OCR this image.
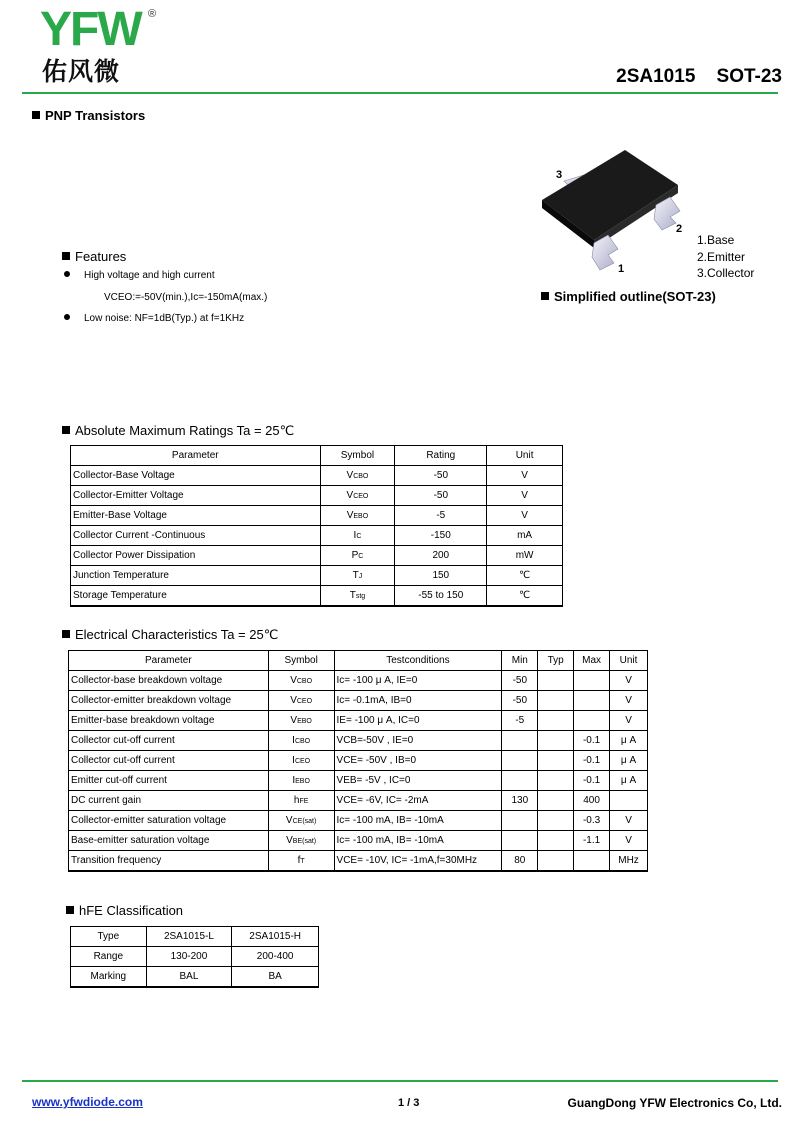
YFW ®
佑风微	2SA1015 SOT-23
PNP Transistors
3
2
1
1.Base
2.Emitter
3.Collector
Simplified outline(SOT-23)
Features
High voltage and high current
VCEO:=-50V(min.),Ic=-150mA(max.)
Low noise: NF=1dB(Typ.) at f=1KHz
Absolute Maximum Ratings Ta = 25℃
Parameter	Symbol	Rating	Unit
Collector-Base Voltage	VCBO	-50	V
Collector-Emitter Voltage	VCEO	-50	V
Emitter-Base Voltage	VEBO	-5	V
Collector Current -Continuous	IC	-150	mA
Collector Power Dissipation	PC	200	mW
Junction Temperature	TJ	150	℃
Storage Temperature	Tstg	-55 to 150	℃
Electrical Characteristics Ta = 25℃
Parameter	Symbol	Testconditions	Min	Typ	Max	Unit
Collector-base breakdown voltage	VCBO	Ic= -100 μ A, IE=0	-50			V
Collector-emitter breakdown voltage	VCEO	Ic= -0.1mA, IB=0	-50			V
Emitter-base breakdown voltage	VEBO	IE= -100 μ A, IC=0	-5			V
Collector cut-off current	ICBO	VCB=-50V , IE=0			-0.1	μ A
Collector cut-off current	ICEO	VCE= -50V , IB=0			-0.1	μ A
Emitter cut-off current	IEBO	VEB= -5V , IC=0			-0.1	μ A
DC current gain	hFE	VCE= -6V, IC= -2mA	130		400	
Collector-emitter saturation voltage	VCE(sat)	Ic= -100 mA, IB= -10mA			-0.3	V
Base-emitter saturation voltage	VBE(sat)	Ic= -100 mA, IB= -10mA			-1.1	V
Transition frequency	fT	VCE= -10V, IC= -1mA,f=30MHz	80			MHz
hFE Classification
Type	2SA1015-L	2SA1015-H
Range	130-200	200-400
Marking	BAL	BA
www.yfwdiode.com	1 / 3	GuangDong YFW Electronics Co, Ltd.
